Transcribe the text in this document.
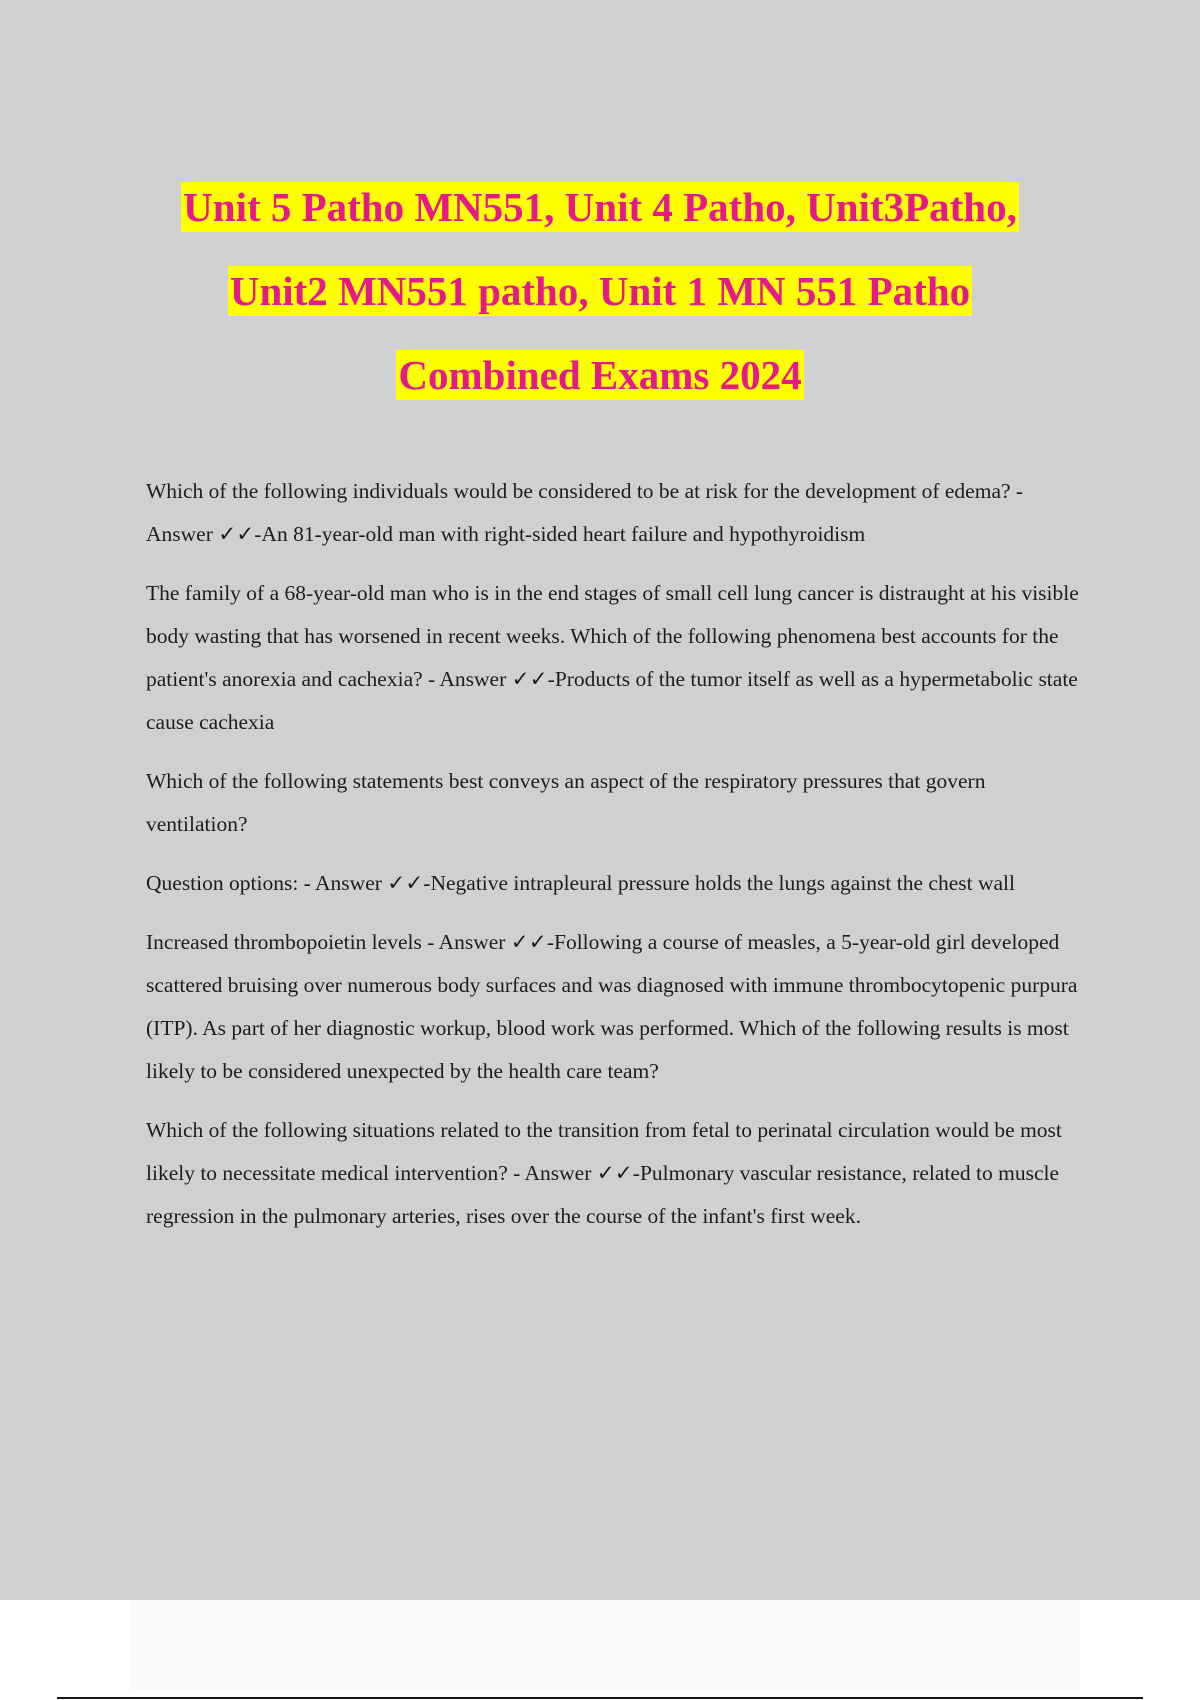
Unit 5 Patho MN551, Unit 4 Patho, Unit3Patho,
Unit2 MN551 patho, Unit 1 MN 551 Patho
Combined Exams 2024

Which of the following individuals would be considered to be at risk for the development of edema? - Answer ✓✓-An 81-year-old man with right-sided heart failure and hypothyroidism

The family of a 68-year-old man who is in the end stages of small cell lung cancer is distraught at his visible body wasting that has worsened in recent weeks. Which of the following phenomena best accounts for the patient's anorexia and cachexia? - Answer ✓✓-Products of the tumor itself as well as a hypermetabolic state cause cachexia

Which of the following statements best conveys an aspect of the respiratory pressures that govern ventilation?

Question options: - Answer ✓✓-Negative intrapleural pressure holds the lungs against the chest wall

Increased thrombopoietin levels - Answer ✓✓-Following a course of measles, a 5-year-old girl developed scattered bruising over numerous body surfaces and was diagnosed with immune thrombocytopenic purpura (ITP). As part of her diagnostic workup, blood work was performed. Which of the following results is most likely to be considered unexpected by the health care team?

Which of the following situations related to the transition from fetal to perinatal circulation would be most likely to necessitate medical intervention? - Answer ✓✓-Pulmonary vascular resistance, related to muscle regression in the pulmonary arteries, rises over the course of the infant's first week.
